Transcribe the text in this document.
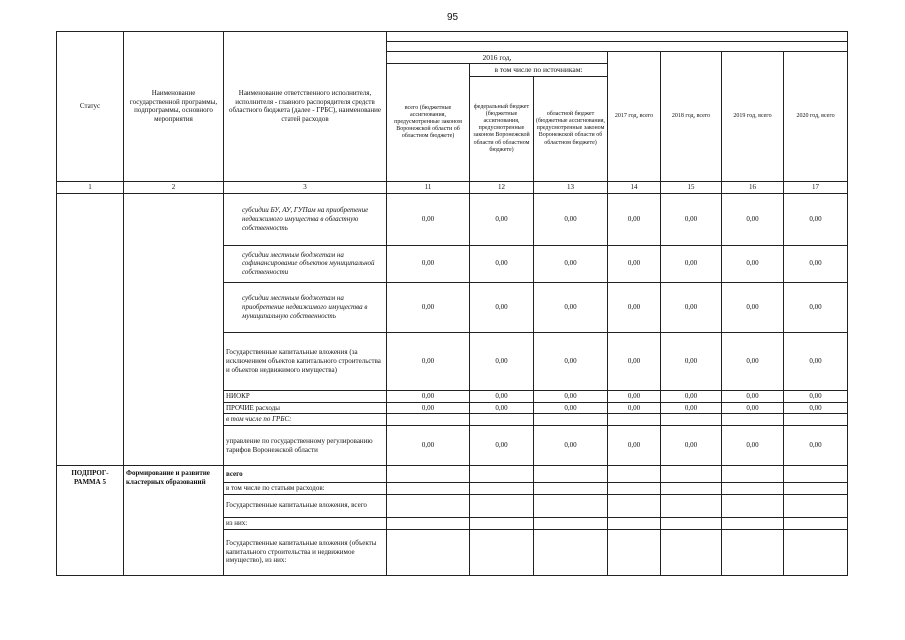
95
Статус	Наименование государственной программы, подпрограммы, основного мероприятия	Наименование ответственного исполнителя, исполнителя - главного распорядителя средств областного бюджета (далее - ГРБС), наименование статей расходов							

			2016 год,			2017 год, всего	2018 год, всего	2019 год, всего	2020 год, всего
			всего (бюджетные ассигнования, предусмотренные законом Воронежской области об областном бюджете)	в том числе по источникам:					
				федеральный бюджет (бюджетные ассигнования, предусмотренные законом Воронежской области об областном бюджете)	областной бюджет (бюджетные ассигнования, предусмотренные законом Воронежской области об областном бюджете)				
1	2	3	11	12	13	14	15	16	17
		субсидии БУ, АУ, ГУПам на приобретение недвижимого имущества в областную собственность	0,00	0,00	0,00	0,00	0,00	0,00	0,00
		субсидии местным бюджетам на софинансирование объектов муниципальной собственности	0,00	0,00	0,00	0,00	0,00	0,00	0,00
		субсидии местным бюджетам на приобретение недвижимого имущества в муниципальную собственность	0,00	0,00	0,00	0,00	0,00	0,00	0,00
		Государственные капитальные вложения (за исключением объектов капитального строительства и объектов недвижимого имущества)	0,00	0,00	0,00	0,00	0,00	0,00	0,00
		НИОКР	0,00	0,00	0,00	0,00	0,00	0,00	0,00
		ПРОЧИЕ расходы	0,00	0,00	0,00	0,00	0,00	0,00	0,00
		в том числе по ГРБС:							
		управление по государственному регулированию тарифов Воронежской области	0,00	0,00	0,00	0,00	0,00	0,00	0,00
ПОДПРОГ-РАММА 5	Формирование и развитие кластерных образований	всего							
		в том числе по статьям расходов:							
		Государственные капитальные вложения, всего							
		из них:							
		Государственные капитальные вложения (объекты капитального строительства и недвижимое имущество), из них:							
